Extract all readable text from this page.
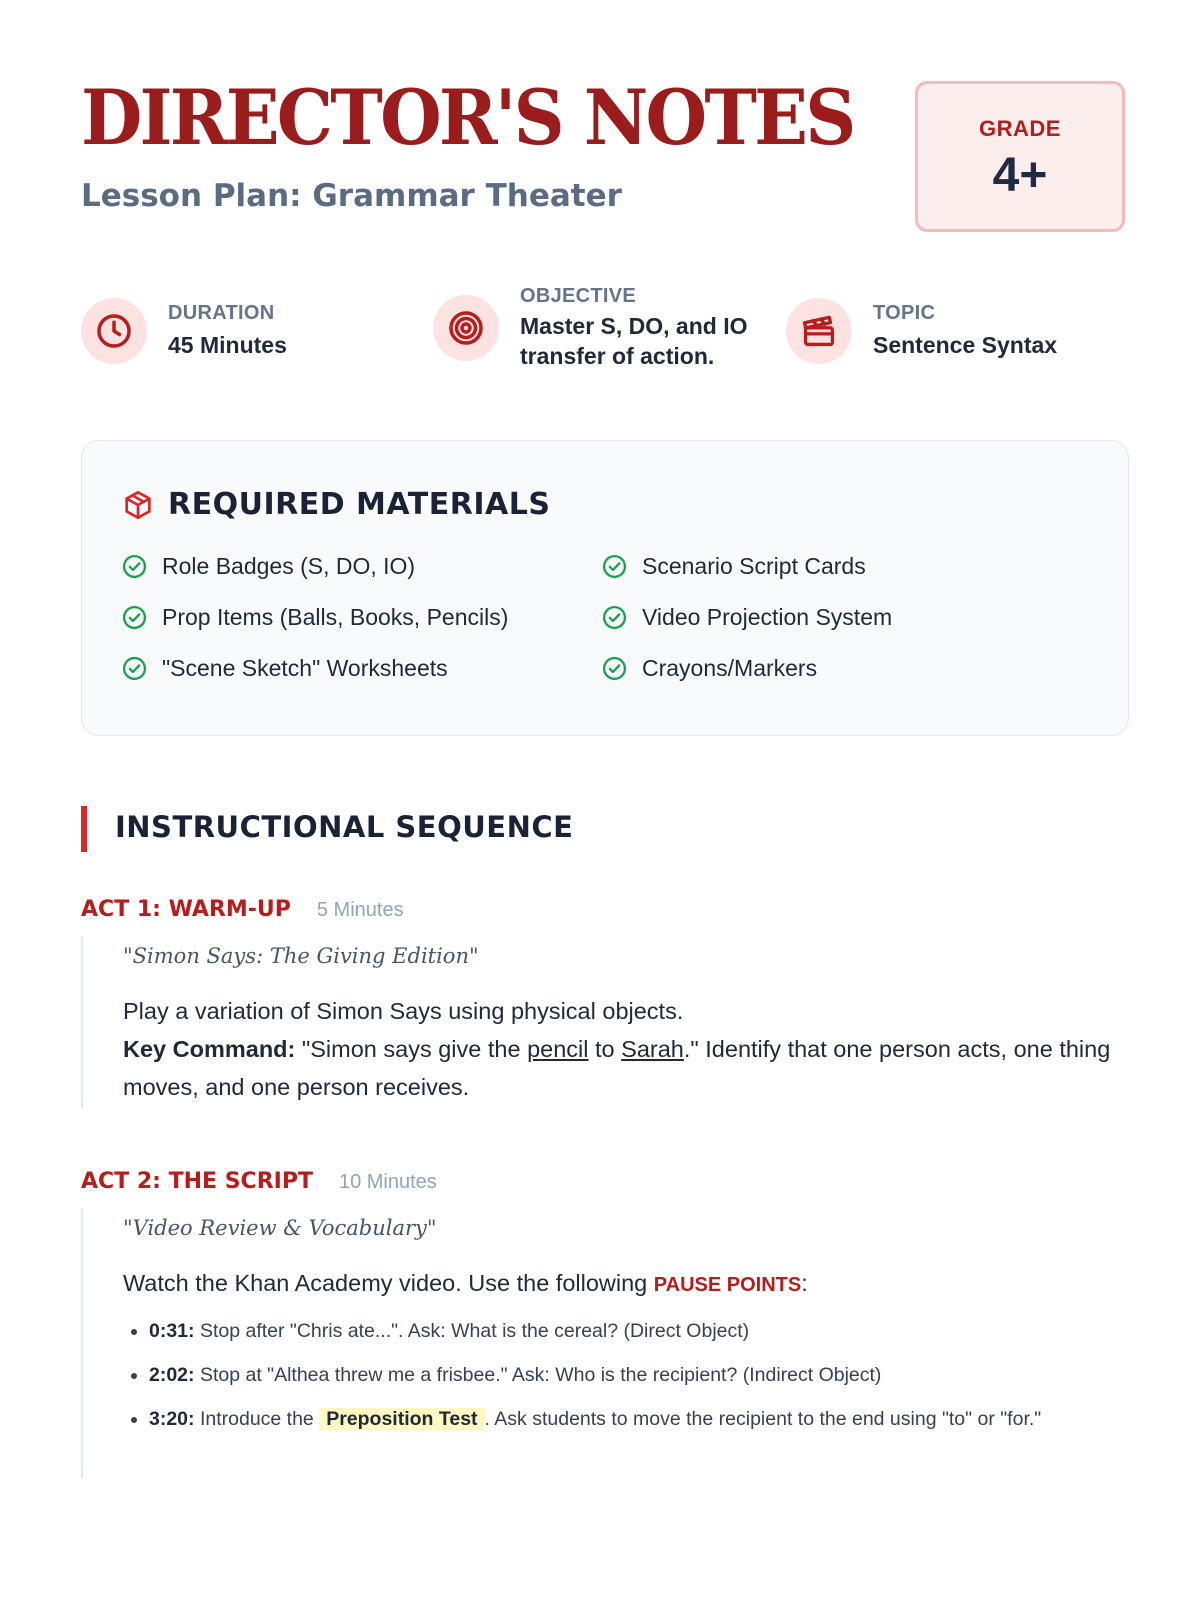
DIRECTOR'S NOTES
Lesson Plan: Grammar Theater
GRADE
4+
DURATION
45 Minutes
OBJECTIVE
Master S, DO, and IO
transfer of action.
TOPIC
Sentence Syntax
REQUIRED MATERIALS
Role Badges (S, DO, IO)
Prop Items (Balls, Books, Pencils)
"Scene Sketch" Worksheets
Scenario Script Cards
Video Projection System
Crayons/Markers
INSTRUCTIONAL SEQUENCE
ACT 1: WARM-UP 5 Minutes
"Simon Says: The Giving Edition"
Play a variation of Simon Says using physical objects.
Key Command: "Simon says give the pencil to Sarah." Identify that one person acts, one thing moves, and one person receives.
ACT 2: THE SCRIPT 10 Minutes
"Video Review & Vocabulary"
Watch the Khan Academy video. Use the following PAUSE POINTS:
• 0:31: Stop after "Chris ate...". Ask: What is the cereal? (Direct Object)
• 2:02: Stop at "Althea threw me a frisbee." Ask: Who is the recipient? (Indirect Object)
• 3:20: Introduce the Preposition Test . Ask students to move the recipient to the end using "to" or "for."
